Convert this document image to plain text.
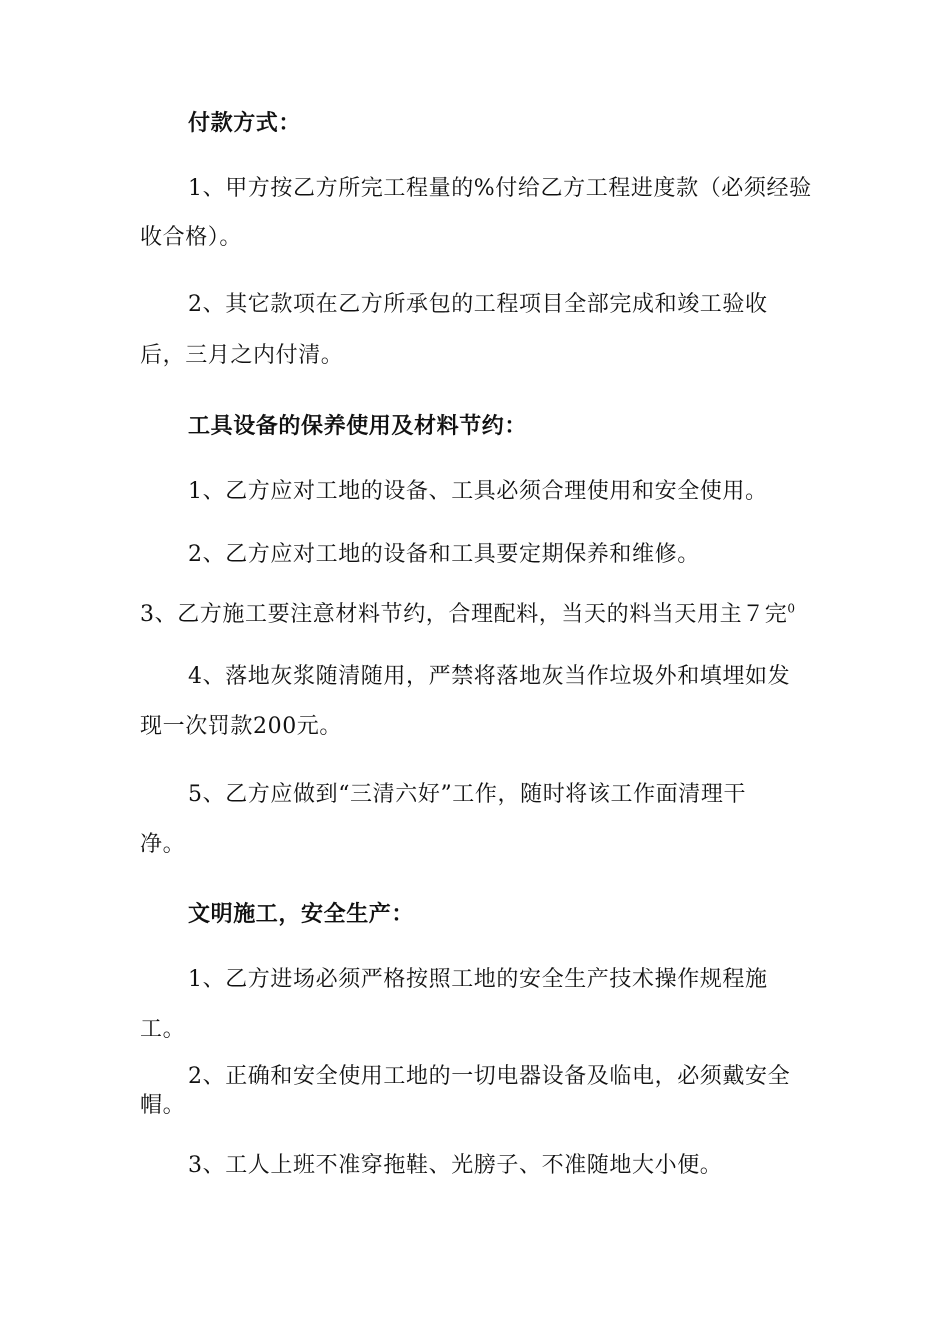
付款方式：
1、甲方按乙方所完工程量的%付给乙方工程进度款（必须经验
收合格）。
2、其它款项在乙方所承包的工程项目全部完成和竣工验收
后，三月之内付清。
工具设备的保养使用及材料节约：
1、乙方应对工地的设备、工具必须合理使用和安全使用。
2、乙方应对工地的设备和工具要定期保养和维修。
3、乙方施工要注意材料节约，合理配料，当天的料当天用主７完$^0$
4、落地灰浆随清随用，严禁将落地灰当作垃圾外和填埋如发
现一次罚款200元。
5、乙方应做到“三清六好”工作，随时将该工作面清理干
净。
文明施工，安全生产：
1、乙方进场必须严格按照工地的安全生产技术操作规程施
工。
2、正确和安全使用工地的一切电器设备及临电，必须戴安全
帽。
3、工人上班不准穿拖鞋、光膀子、不准随地大小便。
